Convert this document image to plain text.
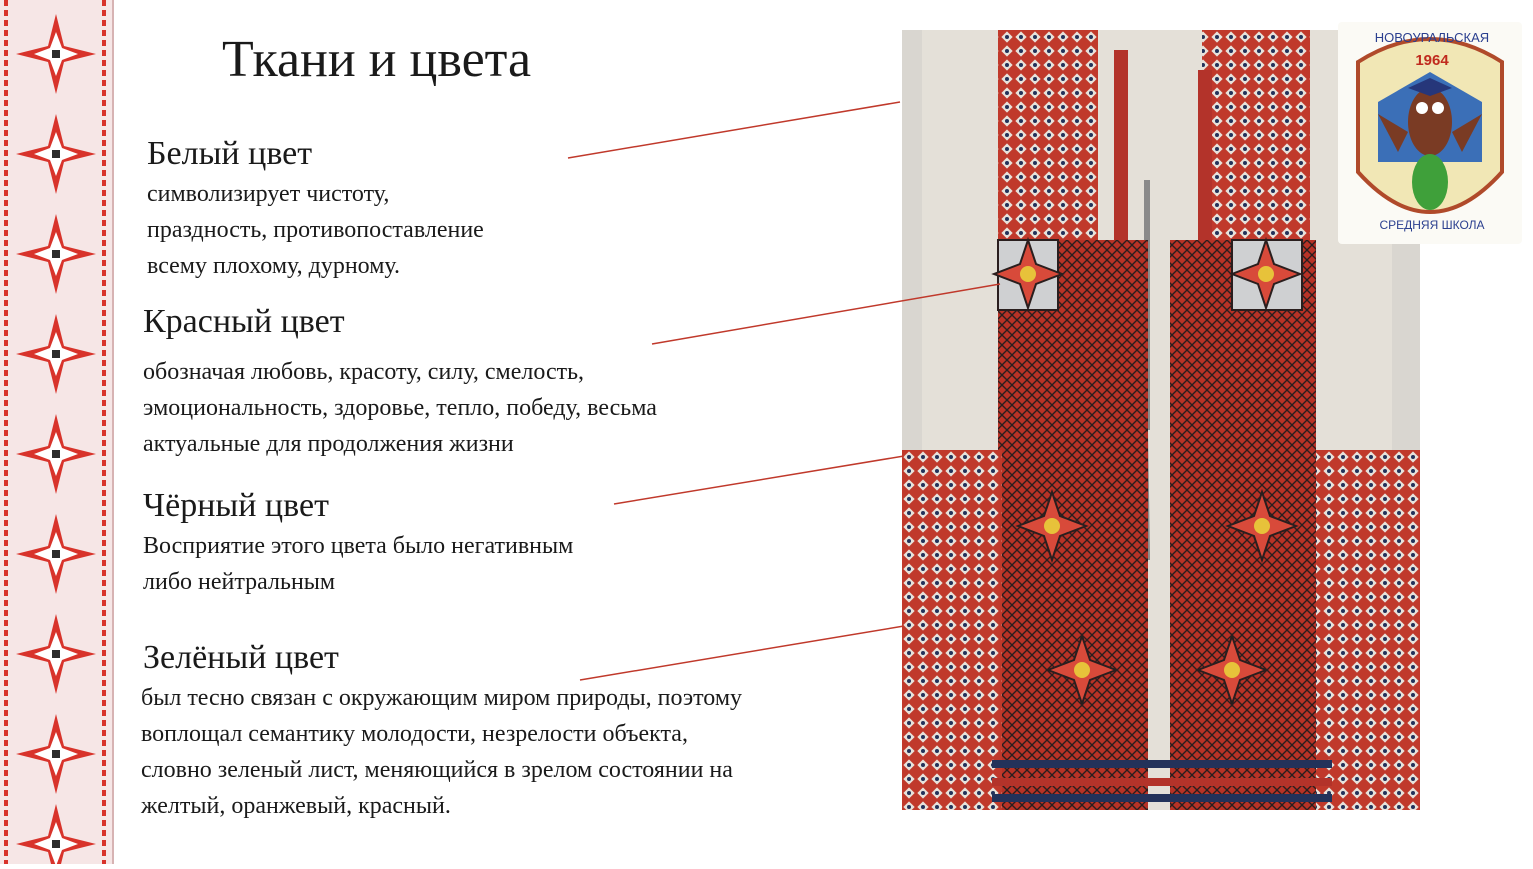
Ткани и цвета
Белый цвет
символизирует чистоту,
праздность, противопоставление
всему плохому, дурному.
Красный цвет
обозначая любовь, красоту, силу, смелость,
эмоциональность, здоровье, тепло, победу, весьма
актуальные для продолжения жизни
Чёрный цвет
Восприятие этого цвета было негативным
либо нейтральным
Зелёный цвет
был тесно связан с окружающим миром природы, поэтому
воплощал семантику молодости, незрелости объекта,
словно зеленый лист, меняющийся в зрелом состоянии на
желтый, оранжевый, красный.
НОВОУРАЛЬСКАЯ
1964
СРЕДНЯЯ ШКОЛА
